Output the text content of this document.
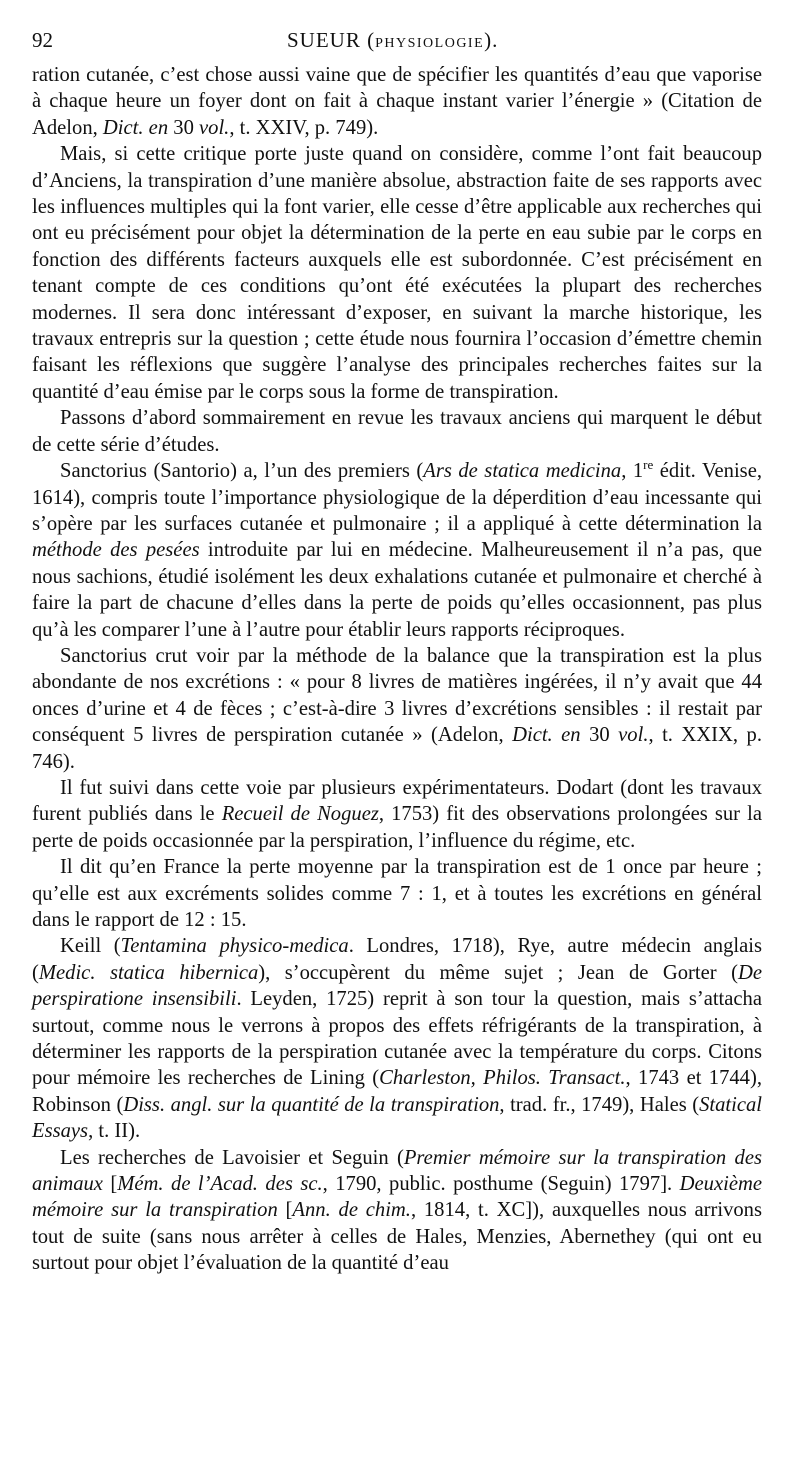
92	SUEUR (PHYSIOLOGIE).

ration cutanée, c’est chose aussi vaine que de spécifier les quantités d’eau que vaporise à chaque heure un foyer dont on fait à chaque instant varier l’énergie » (Citation de Adelon, Dict. en 30 vol., t. XXIV, p. 749).

Mais, si cette critique porte juste quand on considère, comme l’ont fait beaucoup d’Anciens, la transpiration d’une manière absolue, abstraction faite de ses rapports avec les influences multiples qui la font varier, elle cesse d’être applicable aux recherches qui ont eu précisément pour objet la détermination de la perte en eau subie par le corps en fonction des différents facteurs auxquels elle est subordonnée. C’est précisément en tenant compte de ces conditions qu’ont été exécutées la plupart des recherches modernes. Il sera donc intéressant d’exposer, en suivant la marche historique, les travaux entrepris sur la question ; cette étude nous fournira l’occasion d’émettre chemin faisant les réflexions que suggère l’analyse des principales recherches faites sur la quantité d’eau émise par le corps sous la forme de transpiration.

Passons d’abord sommairement en revue les travaux anciens qui marquent le début de cette série d’études.

Sanctorius (Santorio) a, l’un des premiers (Ars de statica medicina, 1re édit. Venise, 1614), compris toute l’importance physiologique de la déperdition d’eau incessante qui s’opère par les surfaces cutanée et pulmonaire ; il a appliqué à cette détermination la méthode des pesées introduite par lui en médecine. Malheureusement il n’a pas, que nous sachions, étudié isolément les deux exhalations cutanée et pulmonaire et cherché à faire la part de chacune d’elles dans la perte de poids qu’elles occasionnent, pas plus qu’à les comparer l’une à l’autre pour établir leurs rapports réciproques.

Sanctorius crut voir par la méthode de la balance que la transpiration est la plus abondante de nos excrétions : « pour 8 livres de matières ingérées, il n’y avait que 44 onces d’urine et 4 de fèces ; c’est-à-dire 3 livres d’excrétions sensibles : il restait par conséquent 5 livres de perspiration cutanée » (Adelon, Dict. en 30 vol., t. XXIX, p. 746).

Il fut suivi dans cette voie par plusieurs expérimentateurs. Dodart (dont les travaux furent publiés dans le Recueil de Noguez, 1753) fit des observations prolongées sur la perte de poids occasionnée par la perspiration, l’influence du régime, etc.

Il dit qu’en France la perte moyenne par la transpiration est de 1 once par heure ; qu’elle est aux excréments solides comme 7 : 1, et à toutes les excrétions en général dans le rapport de 12 : 15.

Keill (Tentamina physico-medica. Londres, 1718), Rye, autre médecin anglais (Medic. statica hibernica), s’occupèrent du même sujet ; Jean de Gorter (De perspiratione insensibili. Leyden, 1725) reprit à son tour la question, mais s’attacha surtout, comme nous le verrons à propos des effets réfrigérants de la transpiration, à déterminer les rapports de la perspiration cutanée avec la température du corps. Citons pour mémoire les recherches de Lining (Charleston, Philos. Transact., 1743 et 1744), Robinson (Diss. angl. sur la quantité de la transpiration, trad. fr., 1749), Hales (Statical Essays, t. II).

Les recherches de Lavoisier et Seguin (Premier mémoire sur la transpiration des animaux [Mém. de l’Acad. des sc., 1790, public. posthume (Seguin) 1797]. Deuxième mémoire sur la transpiration [Ann. de chim., 1814, t. XC]), auxquelles nous arrivons tout de suite (sans nous arrêter à celles de Hales, Menzies, Abernethey (qui ont eu surtout pour objet l’évaluation de la quantité d’eau
